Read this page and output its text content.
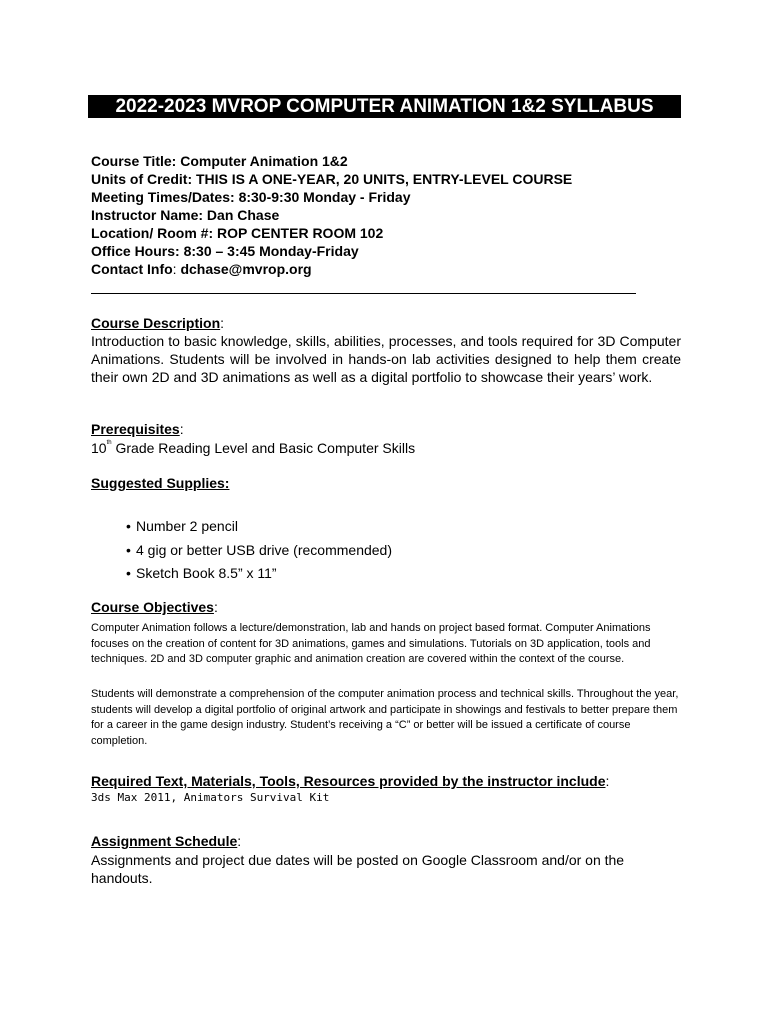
2022-2023 MVROP COMPUTER ANIMATION 1&2 SYLLABUS
Course Title: Computer Animation 1&2
Units of Credit: THIS IS A ONE-YEAR, 20 UNITS, ENTRY-LEVEL COURSE
Meeting Times/Dates: 8:30-9:30 Monday - Friday
Instructor Name: Dan Chase
Location/ Room #: ROP CENTER ROOM 102
Office Hours: 8:30 – 3:45 Monday-Friday
Contact Info: dchase@mvrop.org
Course Description:
Introduction to basic knowledge, skills, abilities, processes, and tools required for 3D Computer Animations. Students will be involved in hands-on lab activities designed to help them create their own 2D and 3D animations as well as a digital portfolio to showcase their years’ work.
Prerequisites:
10th Grade Reading Level and Basic Computer Skills
Suggested Supplies:
• Number 2 pencil
• 4 gig or better USB drive (recommended)
• Sketch Book 8.5” x 11”
Course Objectives:
Computer Animation follows a lecture/demonstration, lab and hands on project based format. Computer Animations focuses on the creation of content for 3D animations, games and simulations. Tutorials on 3D application, tools and techniques. 2D and 3D computer graphic and animation creation are covered within the context of the course.
Students will demonstrate a comprehension of the computer animation process and technical skills. Throughout the year, students will develop a digital portfolio of original artwork and participate in showings and festivals to better prepare them for a career in the game design industry. Student’s receiving a “C” or better will be issued a certificate of course completion.
Required Text, Materials, Tools, Resources provided by the instructor include:
3ds Max 2011, Animators Survival Kit
Assignment Schedule:
Assignments and project due dates will be posted on Google Classroom and/or on the handouts.
